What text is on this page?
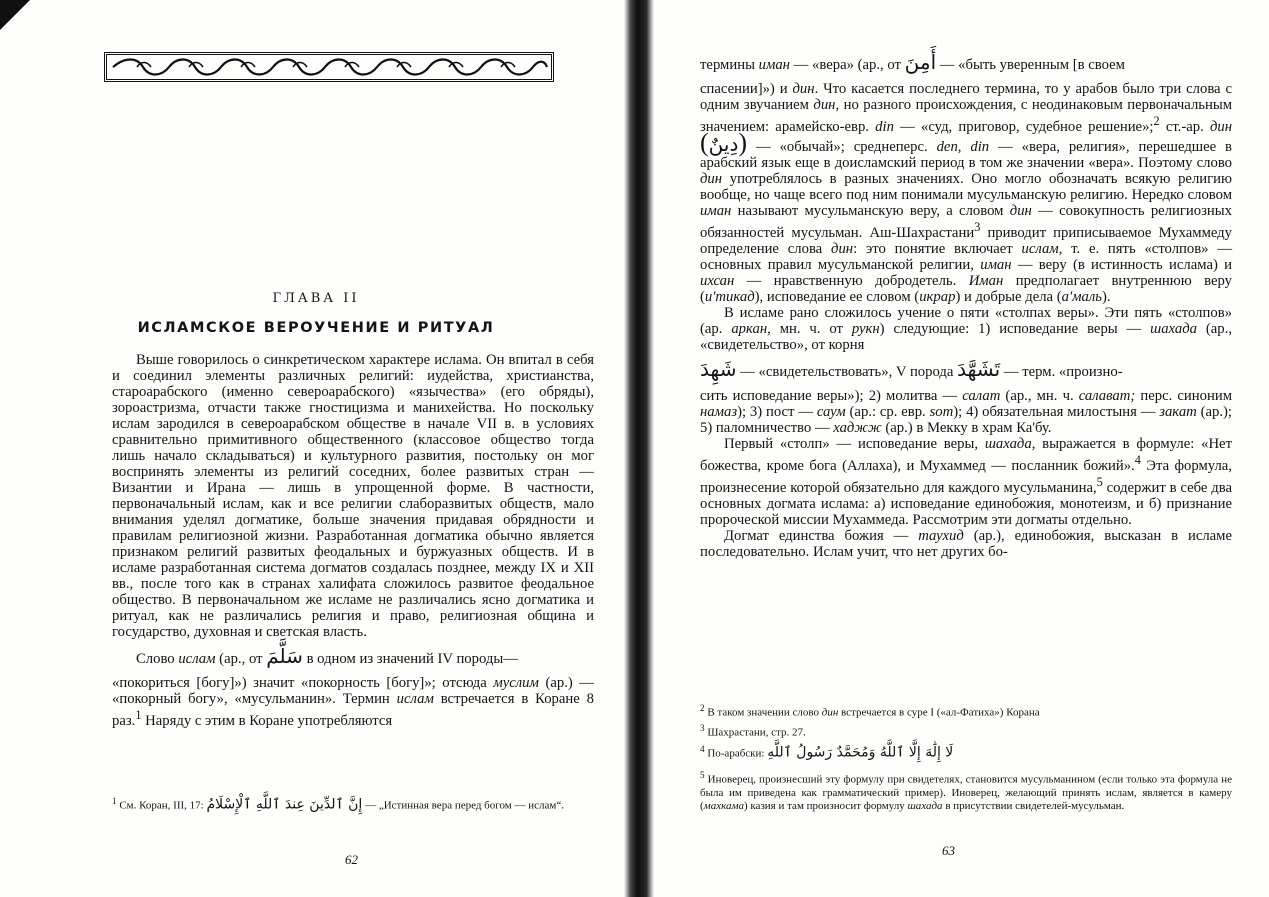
ГЛАВА II
ИСЛАМСКОЕ ВЕРОУЧЕНИЕ И РИТУАЛ

Выше говорилось о синкретическом характере ислама. Он впитал в себя и соединил элементы различных религий: иудейства, христианства, староарабского (именно североарабского) «язычества» (его обряды), зороастризма, отчасти также гностицизма и манихейства. Но поскольку ислам зародился в североарабском обществе в начале VII в. в условиях сравнительно примитивного общественного (классовое общество тогда лишь начало складываться) и культурного развития, постольку он мог воспринять элементы из религий соседних, более развитых стран — Византии и Ирана — лишь в упрощенной форме. В частности, первоначальный ислам, как и все религии слаборазвитых обществ, мало внимания уделял догматике, больше значения придавая обрядности и правилам религиозной жизни. Разработанная догматика обычно является признаком религий развитых феодальных и буржуазных обществ. И в исламе разработанная система догматов создалась позднее, между IX и XII вв., после того как в странах халифата сложилось развитое феодальное общество. В первоначальном же исламе не различались ясно догматика и ритуал, как не различались религия и право, религиозная община и государство, духовная и светская власть.

Слово ислам (ар., от سَلَّمَ в одном из значений IV породы—

«покориться [богу]») значит «покорность [богу]»; отсюда муслим (ар.) — «покорный богу», «мусульманин». Термин ислам встречается в Коране 8 раз.$^1$ Наряду с этим в Коране употребляются

$^1$ См. Коран, III, 17: إِنَّ ٱلدِّينَ عِندَ ٱللَّهِ ٱلْإِسْلَامُ — „Истинная вера перед богом — ислам“.
62

термины иман — «вера» (ар., от أَمِنَ — «быть уверенным [в своем

спасении]») и дин. Что касается последнего термина, то у арабов было три слова с одним звучанием дин, но разного происхождения, с неодинаковым первоначальным значением: арамейско-евр. din — «суд, приговор, судебное решение»;$^2$ ст.-ар. дин (دِينٌ) — «обычай»; среднеперс. den, din — «вера, религия», перешедшее в арабский язык еще в доисламский период в том же значении «вера». Поэтому слово дин употреблялось в разных значениях. Оно могло обозначать всякую религию вообще, но чаще всего под ним понимали мусульманскую религию. Нередко словом иман называют мусульманскую веру, а словом дин — совокупность религиозных обязанностей мусульман. Аш-Шахрастани$^3$ приводит приписываемое Мухаммеду определение слова дин: это понятие включает ислам, т. е. пять «столпов» — основных правил мусульманской религии, иман — веру (в истинность ислама) и ихсан — нравственную добродетель. Иман предполагает внутреннюю веру (и'тикад), исповедание ее словом (икрар) и добрые дела (а'маль).

В исламе рано сложилось учение о пяти «столпах веры». Эти пять «столпов» (ар. аркан, мн. ч. от рукн) следующие: 1) исповедание веры — шахада (ар., «свидетельство», от корня

شَهِدَ — «свидетельствовать», V порода تَشَهَّدَ — терм. «произно-

сить исповедание веры»); 2) молитва — салат (ар., мн. ч. салават; перс. синоним намаз); 3) пост — саум (ар.: ср. евр. som); 4) обязательная милостыня — закат (ар.); 5) паломничество — хаджж (ар.) в Мекку в храм Ка'бу.

Первый «столп» — исповедание веры, шахада, выражается в формуле: «Нет божества, кроме бога (Аллаха), и Мухаммед — посланник божий».$^4$ Эта формула, произнесение которой обязательно для каждого мусульманина,$^5$ содержит в себе два основных догмата ислама: а) исповедание единобожия, монотеизм, и б) признание пророческой миссии Мухаммеда. Рассмотрим эти догматы отдельно.

Догмат единства божия — таухид (ар.), единобожия, высказан в исламе последовательно. Ислам учит, что нет других бо-

$^2$ В таком значении слово дин встречается в суре I («ал-Фатиха») Корана

$^3$ Шахрастани, стр. 27.

$^4$ По-арабски: لَا إِلَٰهَ إِلَّا ٱللَّهُ وَمُحَمَّدٌ رَسُولُ ٱللَّهِ

$^5$ Иноверец, произнесший эту формулу при свидетелях, становится мусульманином (если только эта формула не была им приведена как грамматический пример). Иноверец, желающий принять ислам, является в камеру (махкама) казия и там произносит формулу шахада в присутствии свидетелей-мусульман.

63
